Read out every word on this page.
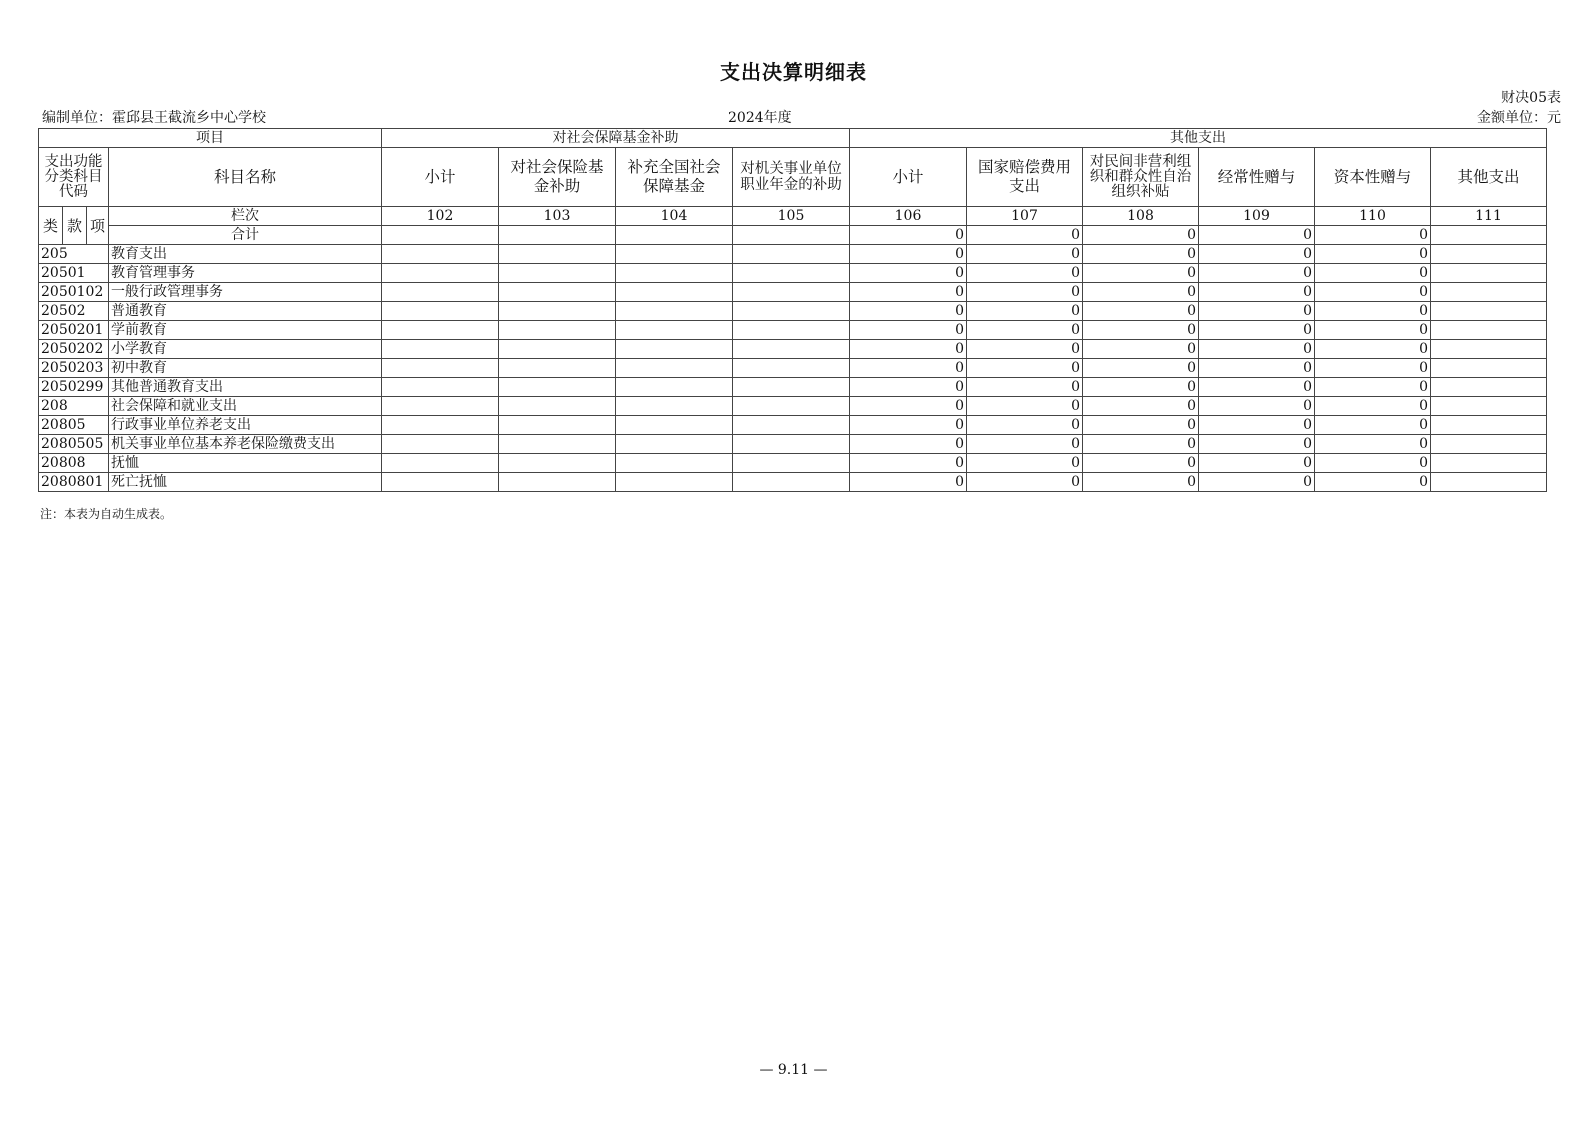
支出决算明细表
财决05表
编制单位：霍邱县王截流乡中心学校	2024年度	金额单位：元
项目				对社会保障基金补助				其他支出					
支出功能分类科目代码			科目名称	小计	对社会保险基金补助	补充全国社会保障基金	对机关事业单位职业年金的补助	小计	国家赔偿费用支出	对民间非营利组织和群众性自治组织补贴	经常性赠与	资本性赠与	其他支出
类	款	项	栏次	102	103	104	105	106	107	108	109	110	111
			合计					0	0	0	0	0	
205			教育支出					0	0	0	0	0	
20501			教育管理事务					0	0	0	0	0	
2050102			一般行政管理事务					0	0	0	0	0	
20502			普通教育					0	0	0	0	0	
2050201			学前教育					0	0	0	0	0	
2050202			小学教育					0	0	0	0	0	
2050203			初中教育					0	0	0	0	0	
2050299			其他普通教育支出					0	0	0	0	0	
208			社会保障和就业支出					0	0	0	0	0	
20805			行政事业单位养老支出					0	0	0	0	0	
2080505			机关事业单位基本养老保险缴费支出					0	0	0	0	0	
20808			抚恤					0	0	0	0	0	
2080801			死亡抚恤					0	0	0	0	0	
注：本表为自动生成表。
— 9.11 —
